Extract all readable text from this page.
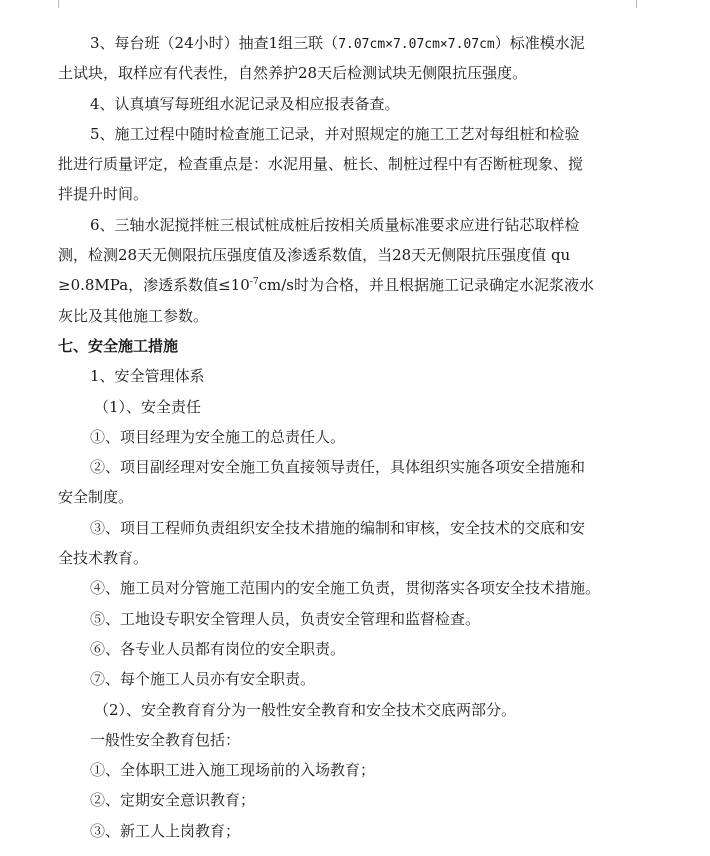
3、每台班（24小时）抽查1组三联（7.07cm×7.07cm×7.07cm）标准模水泥
土试块，取样应有代表性，自然养护28天后检测试块无侧限抗压强度。
4、认真填写每班组水泥记录及相应报表备查。
5、施工过程中随时检查施工记录，并对照规定的施工工艺对每组桩和检验
批进行质量评定，检查重点是：水泥用量、桩长、制桩过程中有否断桩现象、搅
拌提升时间。
6、三轴水泥搅拌桩三根试桩成桩后按相关质量标准要求应进行钻芯取样检
测，检测28天无侧限抗压强度值及渗透系数值，当28天无侧限抗压强度值 qu
≥0.8MPa，渗透系数值$\le 10^{-7}cm/s$时为合格，并且根据施工记录确定水泥浆液水
灰比及其他施工参数。
七、安全施工措施
1、安全管理体系
（1）、安全责任
①、项目经理为安全施工的总责任人。
②、项目副经理对安全施工负直接领导责任，具体组织实施各项安全措施和
安全制度。
③、项目工程师负责组织安全技术措施的编制和审核，安全技术的交底和安
全技术教育。
④、施工员对分管施工范围内的安全施工负责，贯彻落实各项安全技术措施。
⑤、工地设专职安全管理人员，负责安全管理和监督检查。
⑥、各专业人员都有岗位的安全职责。
⑦、每个施工人员亦有安全职责。
（2）、安全教育育分为一般性安全教育和安全技术交底两部分。
一般性安全教育包括：
①、全体职工进入施工现场前的入场教育；
②、定期安全意识教育；
③、新工人上岗教育；
